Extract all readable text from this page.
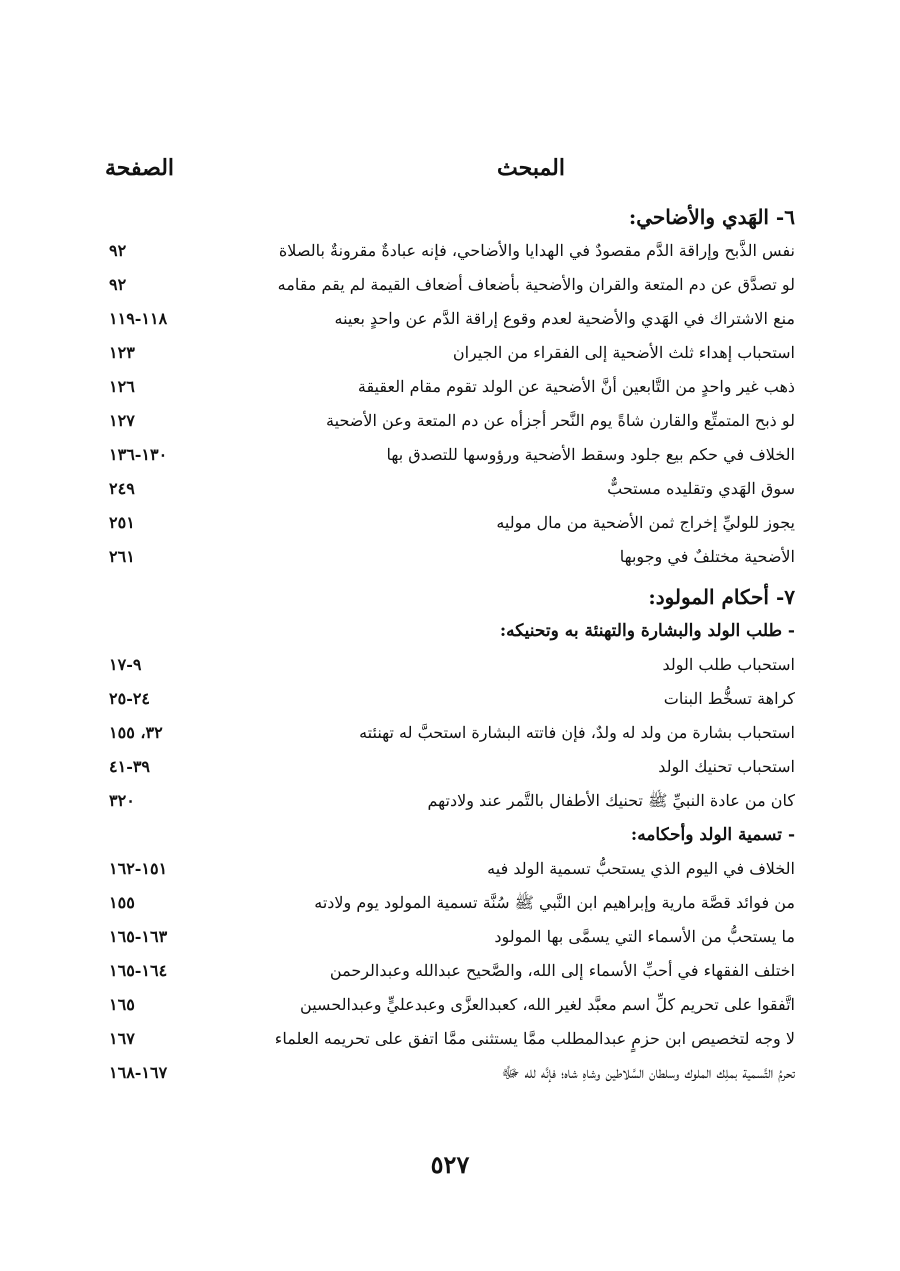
المبحث
الصفحة
٦- الهَدي والأضاحي:
نفس الذَّبح وإراقة الدَّم مقصودٌ في الهدايا والأضاحي، فإنه عبادةٌ مقرونةٌ بالصلاة
٩٢
لو تصدَّق عن دم المتعة والقران والأضحية بأضعاف أضعاف القيمة لم يقم مقامه
٩٢
منع الاشتراك في الهَدي والأضحية لعدم وقوع إراقة الدَّم عن واحدٍ بعينه
١١٨-١١٩
استحباب إهداء ثلث الأضحية إلى الفقراء من الجيران
١٢٣
ذهب غير واحدٍ من التَّابعين أنَّ الأضحية عن الولد تقوم مقام العقيقة
١٢٦
لو ذبح المتمتِّع والقارن شاةً يوم النَّحر أجزأه عن دم المتعة وعن الأضحية
١٢٧
الخلاف في حكم بيع جلود وسقط الأضحية ورؤوسها للتصدق بها
١٣٠-١٣٦
سوق الهَدي وتقليده مستحبٌّ
٢٤٩
يجوز للوليِّ إخراج ثمن الأضحية من مال موليه
٢٥١
الأضحية مختلفٌ في وجوبها
٢٦١
٧- أحكام المولود:
- طلب الولد والبشارة والتهنئة به وتحنيكه:
استحباب طلب الولد
٩-١٧
كراهة تسخُّط البنات
٢٤-٢٥
استحباب بشارة من ولد له ولدٌ، فإن فاتته البشارة استحبَّ له تهنئته
٣٢، ١٥٥
استحباب تحنيك الولد
٣٩-٤١
كان من عادة النبيِّ ﷺ تحنيك الأطفال بالتَّمر عند ولادتهم
٣٢٠
- تسمية الولد وأحكامه:
الخلاف في اليوم الذي يستحبُّ تسمية الولد فيه
١٥١-١٦٢
من فوائد قصَّة مارية وإبراهيم ابن النَّبي ﷺ سُنَّة تسمية المولود يوم ولادته
١٥٥
ما يستحبُّ من الأسماء التي يسمَّى بها المولود
١٦٣-١٦٥
اختلف الفقهاء في أحبِّ الأسماء إلى الله، والصَّحيح عبدالله وعبدالرحمن
١٦٤-١٦٥
اتَّفقوا على تحريم كلِّ اسم معبَّد لغير الله، كعبدالعزَّى وعبدعليٍّ وعبدالحسين
١٦٥
لا وجه لتخصيص ابن حزمٍ عبدالمطلب ممَّا يستثنى ممَّا اتفق على تحريمه العلماء
١٦٧
تحرمُ التَّسمية بملِك الملوك وسلطان السَّلاطين وشاهِ شاه؛ فإنَّه لله ﷻ
١٦٧-١٦٨
٥٢٧
